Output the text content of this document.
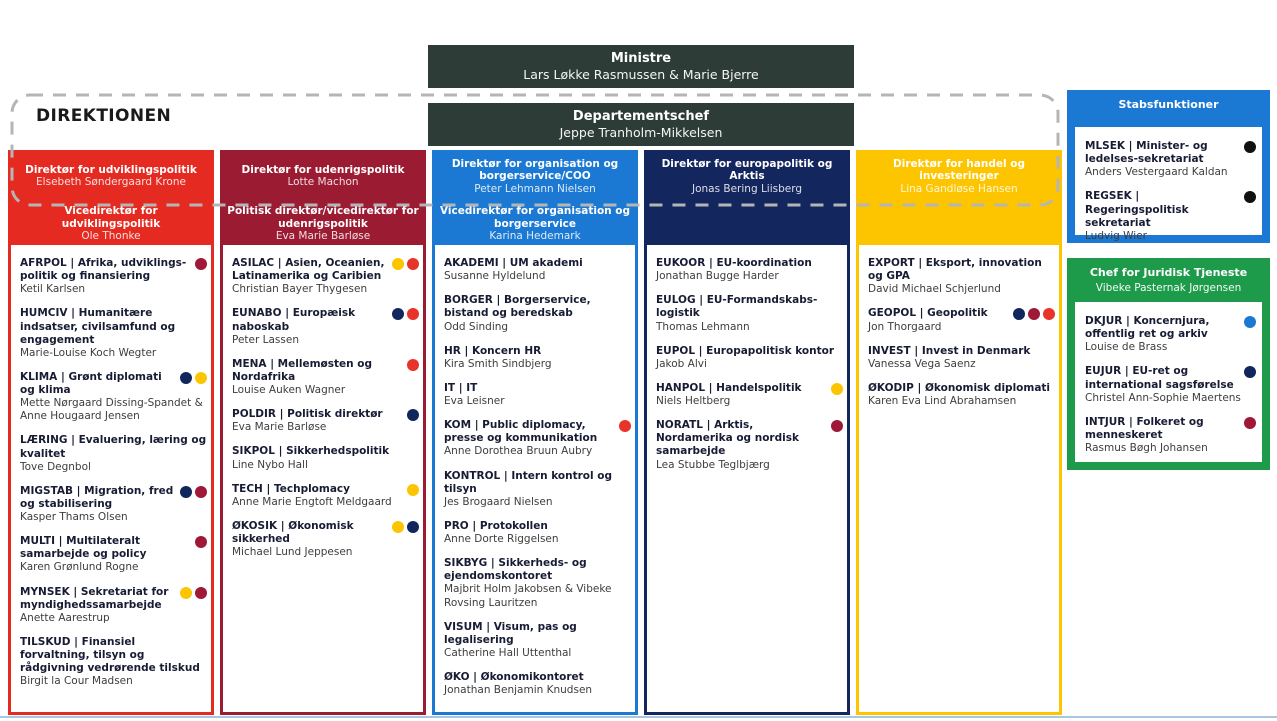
Ministre
Lars Løkke Rasmussen & Marie Bjerre
Departementschef
Jeppe Tranholm-Mikkelsen
DIREKTIONEN
Direktør for udviklingspolitik
Elsebeth Søndergaard Krone
Vicedirektør for udviklingspolitik
Ole Thonke
AFRPOL | Afrika, udviklings-politik og finansiering
Ketil Karlsen
HUMCIV | Humanitære indsatser, civilsamfund og engagement
Marie-Louise Koch Wegter
KLIMA | Grønt diplomati og klima
Mette Nørgaard Dissing-Spandet & Anne Hougaard Jensen
LÆRING | Evaluering, læring og kvalitet
Tove Degnbol
MIGSTAB | Migration, fred og stabilisering
Kasper Thams Olsen
MULTI | Multilateralt samarbejde og policy
Karen Grønlund Rogne
MYNSEK | Sekretariat for myndighedssamarbejde
Anette Aarestrup
TILSKUD | Finansiel forvaltning, tilsyn og rådgivning vedrørende tilskud
Birgit la Cour Madsen
Direktør for udenrigspolitik
Lotte Machon
Politisk direktør/vicedirektør for udenrigspolitik
Eva Marie Barløse
ASILAC | Asien, Oceanien, Latinamerika og Caribien
Christian Bayer Thygesen
EUNABO | Europæisk naboskab
Peter Lassen
MENA | Mellemøsten og Nordafrika
Louise Auken Wagner
POLDIR | Politisk direktør
Eva Marie Barløse
SIKPOL | Sikkerhedspolitik
Line Nybo Hall
TECH | Techplomacy
Anne Marie Engtoft Meldgaard
ØKOSIK | Økonomisk sikkerhed
Michael Lund Jeppesen
Direktør for organisation og borgerservice/COO
Peter Lehmann Nielsen
Vicedirektør for organisation og borgerservice
Karina Hedemark
AKADEMI | UM akademi
Susanne Hyldelund
BORGER | Borgerservice, bistand og beredskab
Odd Sinding
HR | Koncern HR
Kira Smith Sindbjerg
IT | IT
Eva Leisner
KOM | Public diplomacy, presse og kommunikation
Anne Dorothea Bruun Aubry
KONTROL | Intern kontrol og tilsyn
Jes Brogaard Nielsen
PRO | Protokollen
Anne Dorte Riggelsen
SIKBYG | Sikkerheds- og ejendomskontoret
Majbrit Holm Jakobsen & Vibeke Rovsing Lauritzen
VISUM | Visum, pas og legalisering
Catherine Hall Uttenthal
ØKO | Økonomikontoret
Jonathan Benjamin Knudsen
Direktør for europapolitik og Arktis
Jonas Bering Liisberg
EUKOOR | EU-koordination
Jonathan Bugge Harder
EULOG | EU-Formandskabs-logistik
Thomas Lehmann
EUPOL | Europapolitisk kontor
Jakob Alvi
HANPOL | Handelspolitik
Niels Heltberg
NORATL | Arktis, Nordamerika og nordisk samarbejde
Lea Stubbe Teglbjærg
Direktør for handel og investeringer
Lina Gandløse Hansen
EXPORT | Eksport, innovation og GPA
David Michael Schjerlund
GEOPOL | Geopolitik
Jon Thorgaard
INVEST | Invest in Denmark
Vanessa Vega Saenz
ØKODIP | Økonomisk diplomati
Karen Eva Lind Abrahamsen
Stabsfunktioner
MLSEK | Minister- og ledelses-sekretariat
Anders Vestergaard Kaldan
REGSEK | Regeringspolitisk sekretariat
Ludvig Wier
Chef for Juridisk Tjeneste
Vibeke Pasternak Jørgensen
DKJUR | Koncernjura, offentlig ret og arkiv
Louise de Brass
EUJUR | EU-ret og international sagsførelse
Christel Ann-Sophie Maertens
INTJUR | Folkeret og menneskeret
Rasmus Bøgh Johansen
